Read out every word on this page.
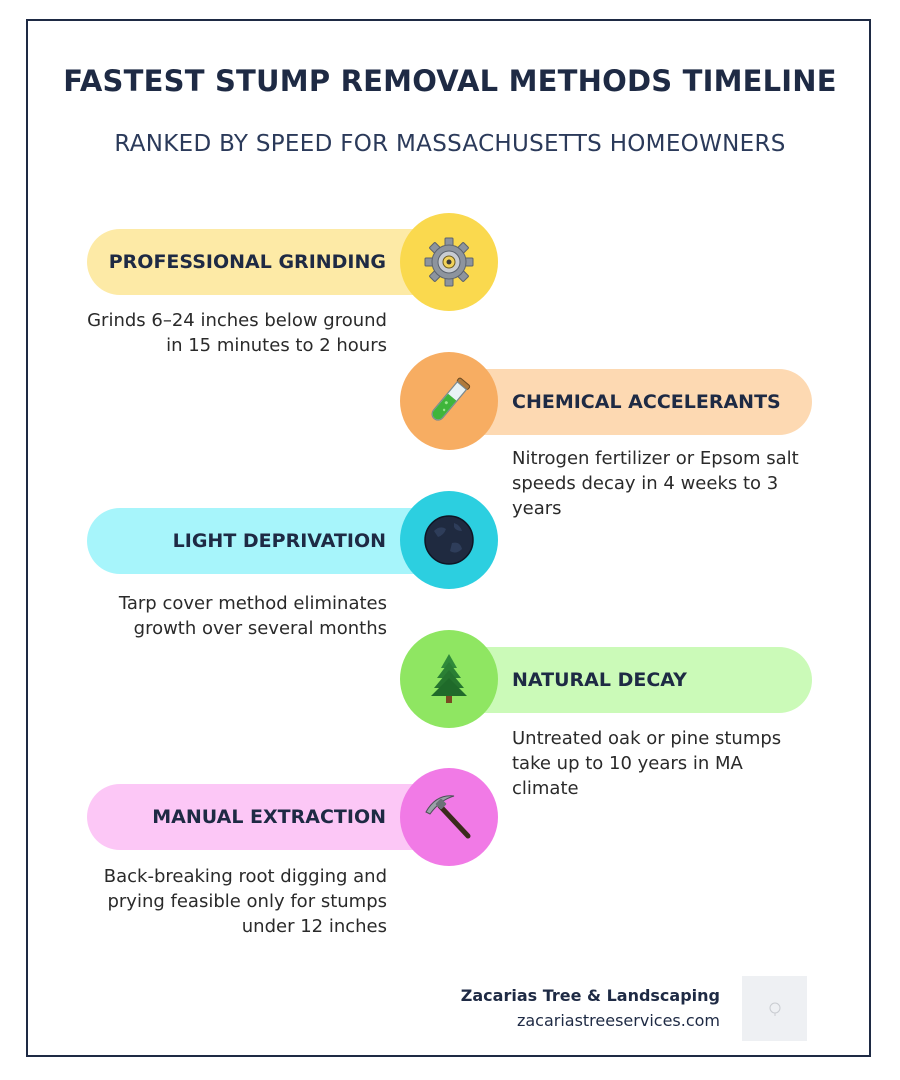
FASTEST STUMP REMOVAL METHODS TIMELINE
RANKED BY SPEED FOR MASSACHUSETTS HOMEOWNERS
PROFESSIONAL GRINDING
Grinds 6–24 inches below ground in 15 minutes to 2 hours
CHEMICAL ACCELERANTS
Nitrogen fertilizer or Epsom salt speeds decay in 4 weeks to 3 years
LIGHT DEPRIVATION
Tarp cover method eliminates growth over several months
NATURAL DECAY
Untreated oak or pine stumps take up to 10 years in MA climate
MANUAL EXTRACTION
Back-breaking root digging and prying feasible only for stumps under 12 inches
Zacarias Tree & Landscaping
zacariastreeservices.com
